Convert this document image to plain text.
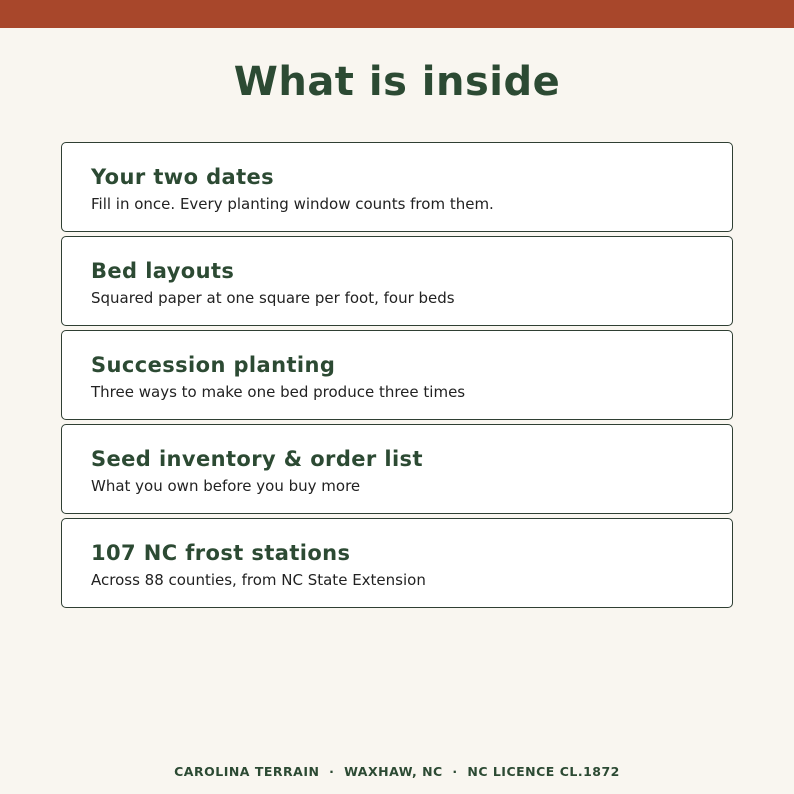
What is inside
Your two dates
Fill in once. Every planting window counts from them.
Bed layouts
Squared paper at one square per foot, four beds
Succession planting
Three ways to make one bed produce three times
Seed inventory & order list
What you own before you buy more
107 NC frost stations
Across 88 counties, from NC State Extension
CAROLINA TERRAIN  ·  WAXHAW, NC  ·  NC LICENCE CL.1872
